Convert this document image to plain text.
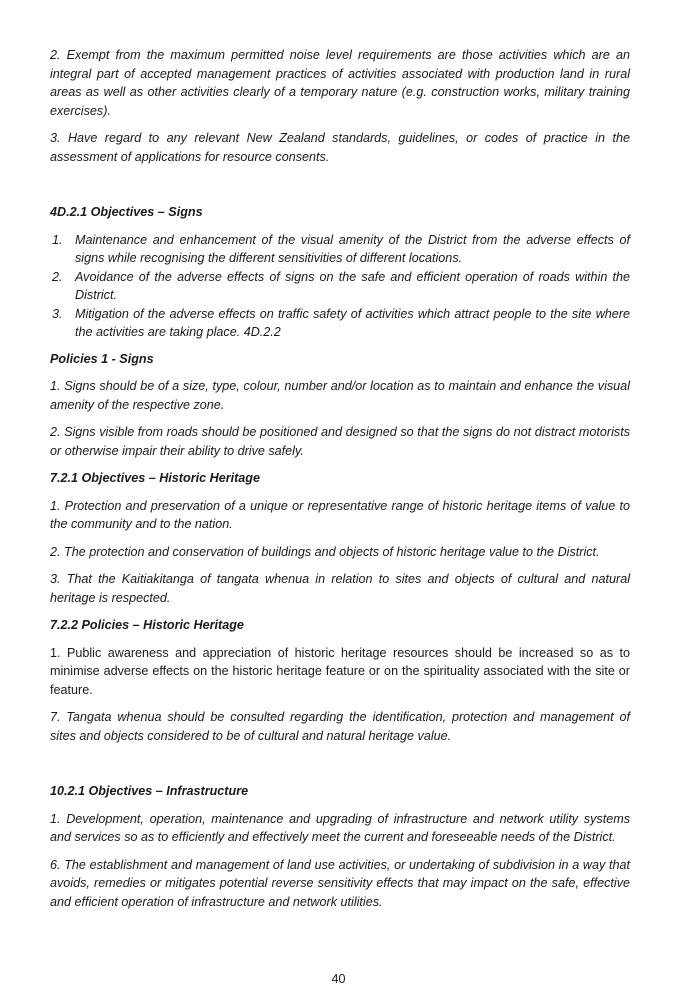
2. Exempt from the maximum permitted noise level requirements are those activities which are an integral part of accepted management practices of activities associated with production land in rural areas as well as other activities clearly of a temporary nature (e.g. construction works, military training exercises).

3. Have regard to any relevant New Zealand standards, guidelines, or codes of practice in the assessment of applications for resource consents.

4D.2.1 Objectives – Signs
1. Maintenance and enhancement of the visual amenity of the District from the adverse effects of signs while recognising the different sensitivities of different locations.
2. Avoidance of the adverse effects of signs on the safe and efficient operation of roads within the District.
3. Mitigation of the adverse effects on traffic safety of activities which attract people to the site where the activities are taking place. 4D.2.2
Policies 1 - Signs

1. Signs should be of a size, type, colour, number and/or location as to maintain and enhance the visual amenity of the respective zone.

2. Signs visible from roads should be positioned and designed so that the signs do not distract motorists or otherwise impair their ability to drive safely.

7.2.1 Objectives – Historic Heritage

1. Protection and preservation of a unique or representative range of historic heritage items of value to the community and to the nation.

2. The protection and conservation of buildings and objects of historic heritage value to the District.

3. That the Kaitiakitanga of tangata whenua in relation to sites and objects of cultural and natural heritage is respected.

7.2.2 Policies – Historic Heritage

1. Public awareness and appreciation of historic heritage resources should be increased so as to minimise adverse effects on the historic heritage feature or on the spirituality associated with the site or feature.

7. Tangata whenua should be consulted regarding the identification, protection and management of sites and objects considered to be of cultural and natural heritage value.

10.2.1 Objectives – Infrastructure

1. Development, operation, maintenance and upgrading of infrastructure and network utility systems and services so as to efficiently and effectively meet the current and foreseeable needs of the District.

6. The establishment and management of land use activities, or undertaking of subdivision in a way that avoids, remedies or mitigates potential reverse sensitivity effects that may impact on the safe, effective and efficient operation of infrastructure and network utilities.

40
